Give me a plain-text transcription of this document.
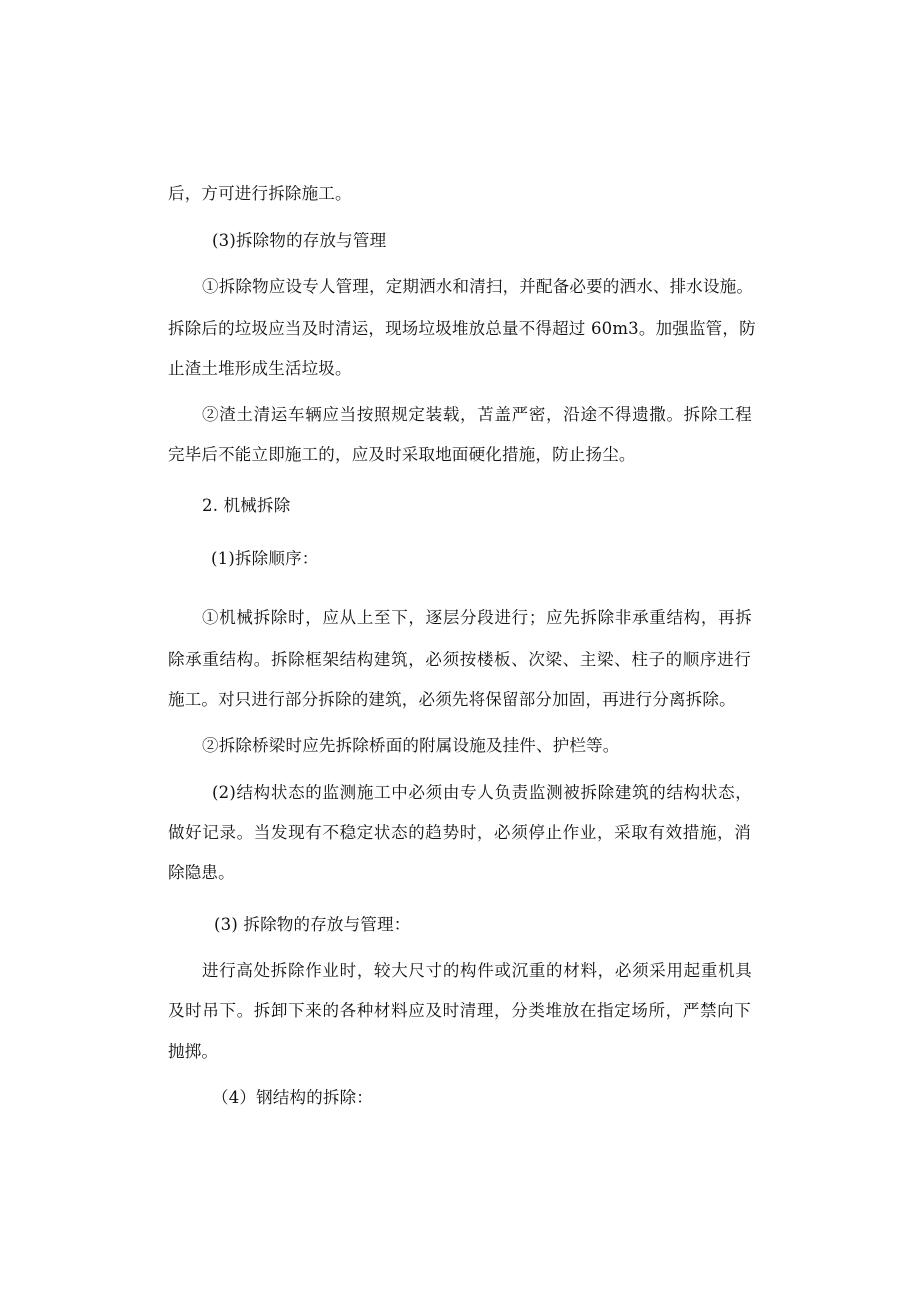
后，方可进行拆除施工。
(3)拆除物的存放与管理
①拆除物应设专人管理，定期洒水和清扫，并配备必要的洒水、排水设施。
拆除后的垃圾应当及时清运，现场垃圾堆放总量不得超过 60m3。加强监管，防
止渣土堆形成生活垃圾。
②渣土清运车辆应当按照规定装载，苫盖严密，沿途不得遗撒。拆除工程
完毕后不能立即施工的，应及时采取地面硬化措施，防止扬尘。
2. 机械拆除
(1)拆除顺序：
①机械拆除时，应从上至下，逐层分段进行；应先拆除非承重结构，再拆
除承重结构。拆除框架结构建筑，必须按楼板、次梁、主梁、柱子的顺序进行
施工。对只进行部分拆除的建筑，必须先将保留部分加固，再进行分离拆除。
②拆除桥梁时应先拆除桥面的附属设施及挂件、护栏等。
(2)结构状态的监测施工中必须由专人负责监测被拆除建筑的结构状态，
做好记录。当发现有不稳定状态的趋势时，必须停止作业，采取有效措施，消
除隐患。
(3) 拆除物的存放与管理：
进行高处拆除作业时，较大尺寸的构件或沉重的材料，必须采用起重机具
及时吊下。拆卸下来的各种材料应及时清理，分类堆放在指定场所，严禁向下
抛掷。
（4）钢结构的拆除：
